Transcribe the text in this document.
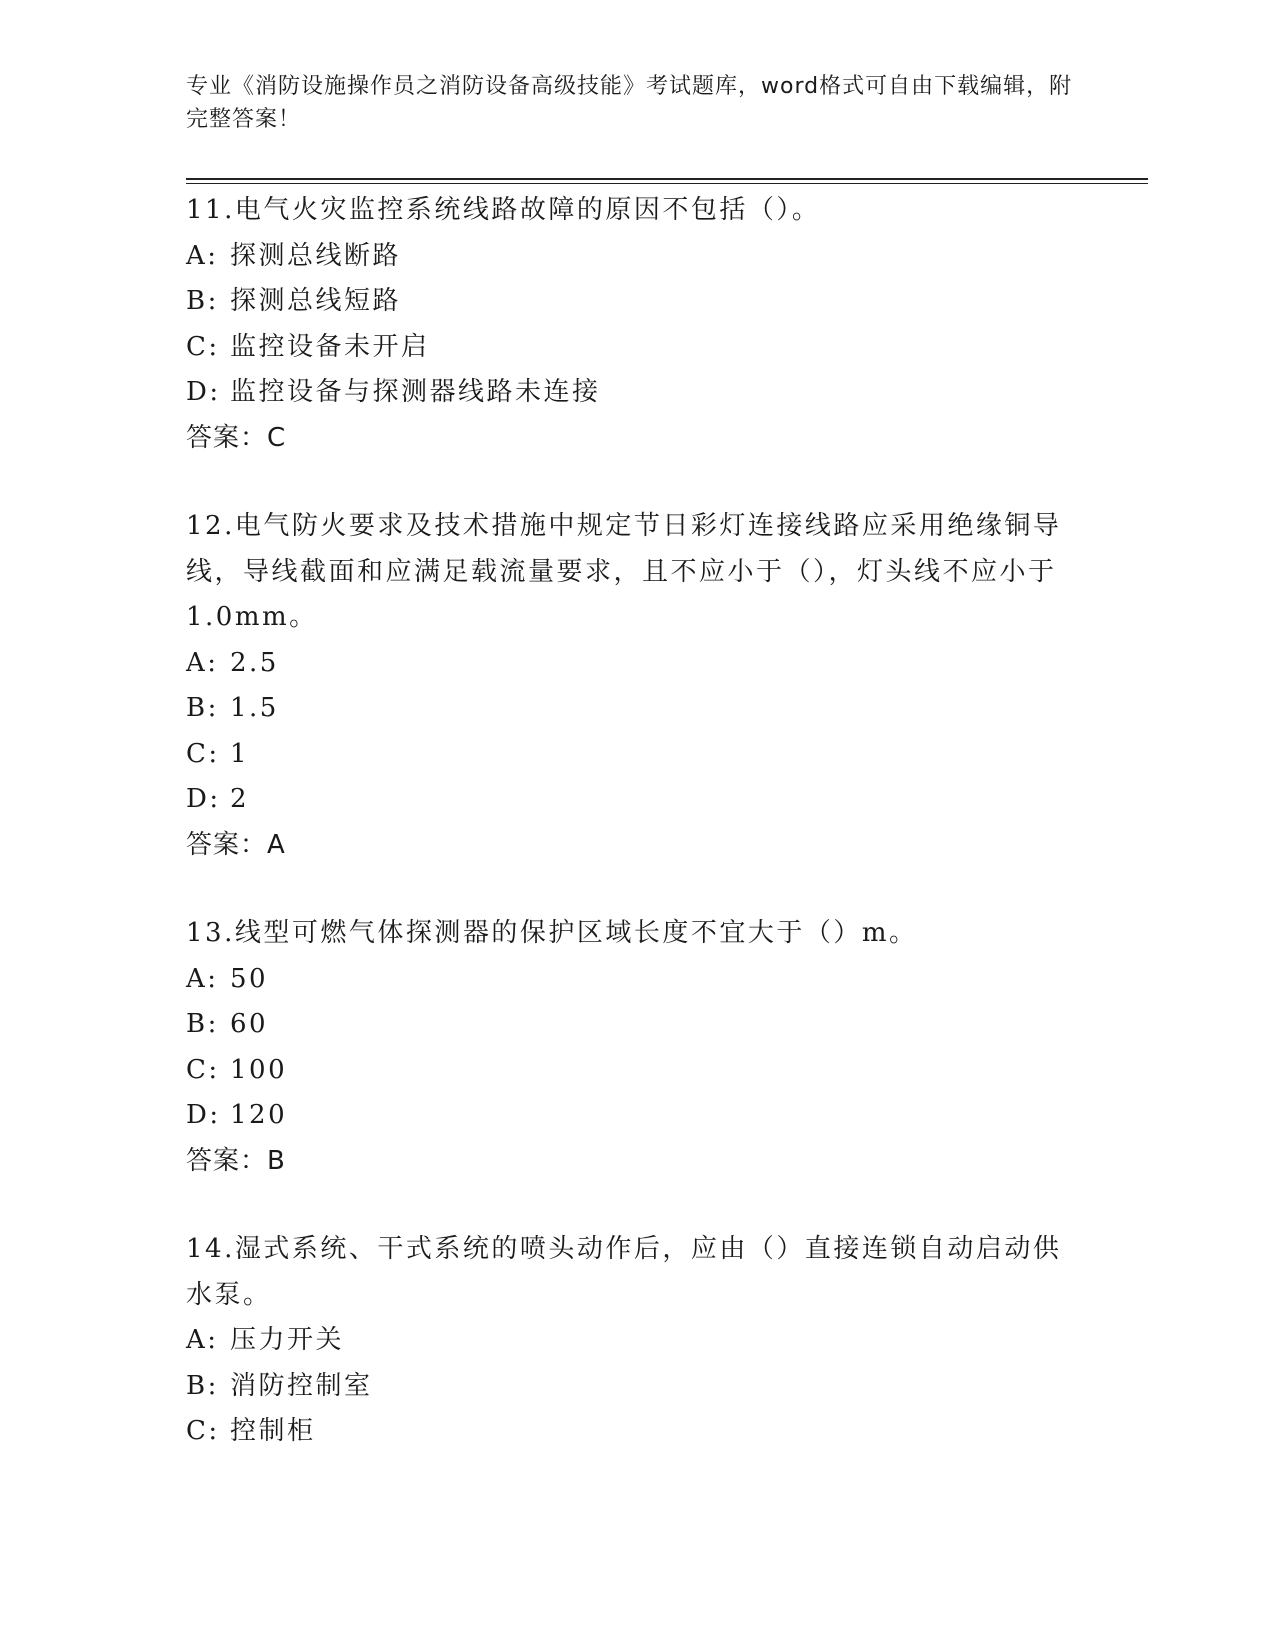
专业《消防设施操作员之消防设备高级技能》考试题库，word格式可自由下载编辑，附完整答案！
11.电气火灾监控系统线路故障的原因不包括（）。
A: 探测总线断路
B: 探测总线短路
C: 监控设备未开启
D: 监控设备与探测器线路未连接
答案：C
12.电气防火要求及技术措施中规定节日彩灯连接线路应采用绝缘铜导线，导线截面和应满足载流量要求，且不应小于（），灯头线不应小于1.0mm。
A: 2.5
B: 1.5
C: 1
D: 2
答案：A
13.线型可燃气体探测器的保护区域长度不宜大于（）m。
A: 50
B: 60
C: 100
D: 120
答案：B
14.湿式系统、干式系统的喷头动作后，应由（）直接连锁自动启动供水泵。
A: 压力开关
B: 消防控制室
C: 控制柜
